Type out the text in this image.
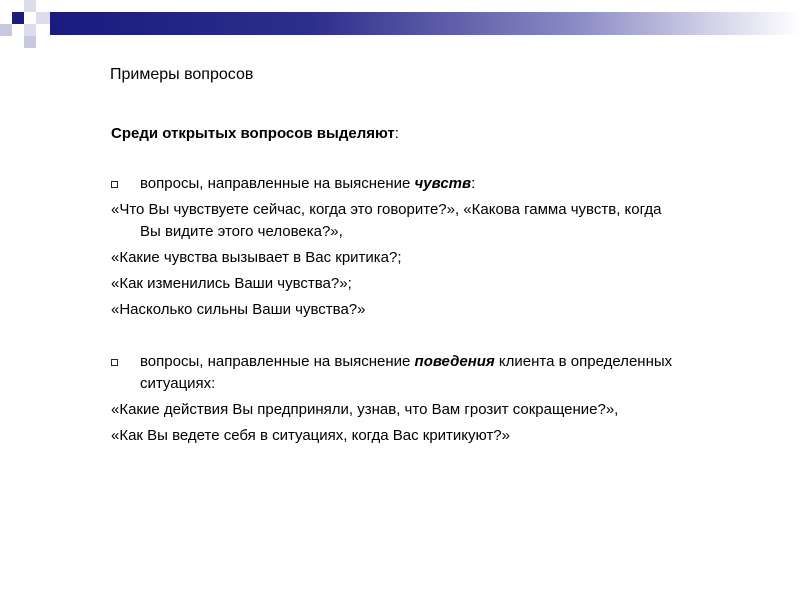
Примеры вопросов
Среди открытых вопросов выделяют:
вопросы, направленные на выяснение чувств:
«Что Вы чувствуете сейчас, когда это говорите?», «Какова гамма чувств, когда
Вы видите этого человека?»,
«Какие чувства вызывает в Вас критика?;
«Как изменились Ваши чувства?»;
«Насколько сильны Ваши чувства?»
вопросы, направленные на выяснение поведения клиента в определенных
ситуациях:
«Какие действия Вы предприняли, узнав, что Вам грозит сокращение?»,
«Как Вы ведете себя в ситуациях, когда Вас критикуют?»
